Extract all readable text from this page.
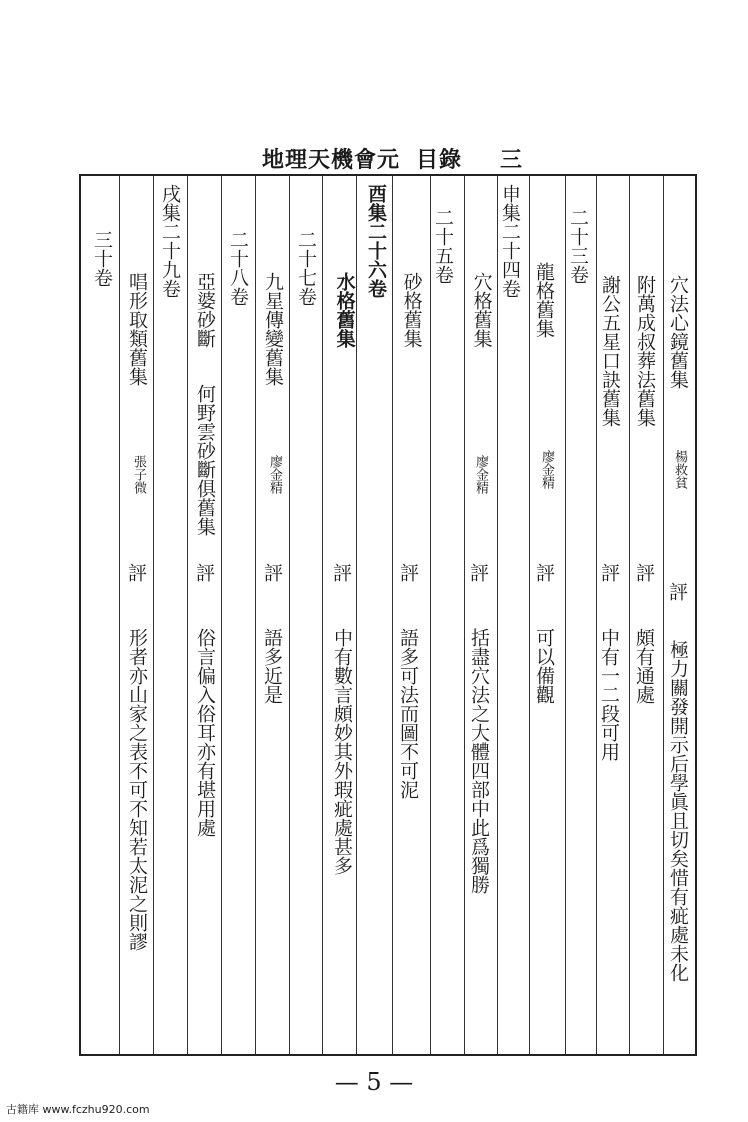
地理天機會元 目錄 三
穴法心鏡舊集
楊救貧
評
極力關發開示后學眞且切矣惜有疵處未化
附萬成叔葬法舊集
評
頗有通處
謝公五星口訣舊集
評
中有一二段可用
二十三卷
龍格舊集
廖金精
評
可以備觀
申集二十四卷
穴格舊集
廖金精
評
括盡穴法之大體四部中此爲獨勝
二十五卷
砂格舊集
評
語多可法而圖不可泥
酉集二十六卷
水格舊集
評
中有數言頗妙其外瑕疵處甚多
二十七卷
九星傳變舊集
廖金精
評
語多近是
二十八卷
亞婆砂斷
何野雲砂斷俱舊集
評
俗言偏入俗耳亦有堪用處
戌集二十九卷
唱形取類舊集
張子微
評
形者亦山家之表不可不知若太泥之則謬
三十卷
— 5 —
古籍库 www.fczhu920.com
